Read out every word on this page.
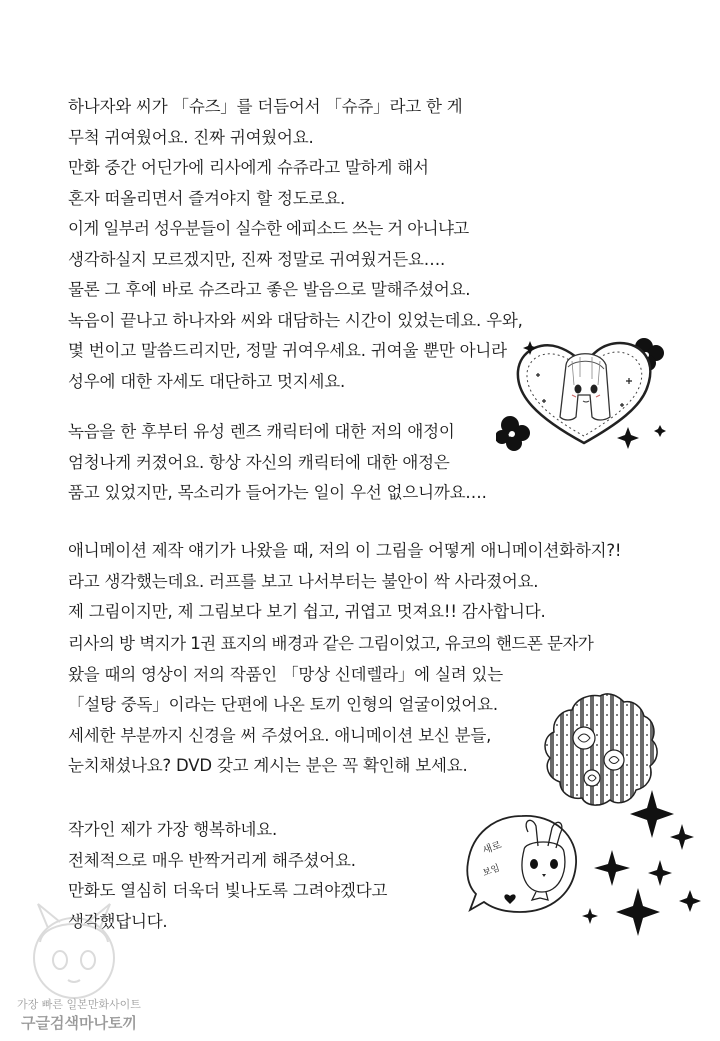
하나자와 씨가 「슈즈」를 더듬어서 「슈쥬」라고 한 게
무척 귀여웠어요. 진짜 귀여웠어요.
만화 중간 어딘가에 리사에게 슈쥬라고 말하게 해서
혼자 떠올리면서 즐겨야지 할 정도로요.
이게 일부러 성우분들이 실수한 에피소드 쓰는 거 아니냐고
생각하실지 모르겠지만, 진짜 정말로 귀여웠거든요….
물론 그 후에 바로 슈즈라고 좋은 발음으로 말해주셨어요.
녹음이 끝나고 하나자와 씨와 대담하는 시간이 있었는데요. 우와,
몇 번이고 말씀드리지만, 정말 귀여우세요. 귀여울 뿐만 아니라
성우에 대한 자세도 대단하고 멋지세요.
녹음을 한 후부터 유성 렌즈 캐릭터에 대한 저의 애정이
엄청나게 커졌어요. 항상 자신의 캐릭터에 대한 애정은
품고 있었지만, 목소리가 들어가는 일이 우선 없으니까요….
애니메이션 제작 얘기가 나왔을 때, 저의 이 그림을 어떻게 애니메이션화하지?!
라고 생각했는데요. 러프를 보고 나서부터는 불안이 싹 사라졌어요.
제 그림이지만, 제 그림보다 보기 쉽고, 귀엽고 멋져요!! 감사합니다.
리사의 방 벽지가 1권 표지의 배경과 같은 그림이었고, 유코의 핸드폰 문자가
왔을 때의 영상이 저의 작품인 「망상 신데렐라」에 실려 있는
「설탕 중독」이라는 단편에 나온 토끼 인형의 얼굴이었어요.
세세한 부분까지 신경을 써 주셨어요. 애니메이션 보신 분들,
눈치채셨나요? DVD 갖고 계시는 분은 꼭 확인해 보세요.
작가인 제가 가장 행복하네요.
전체적으로 매우 반짝거리게 해주셨어요.
만화도 열심히 더욱더 빛나도록 그려야겠다고
생각했답니다.
새로
보임
가장 빠른 일본만화사이트
구글검색마나토끼
